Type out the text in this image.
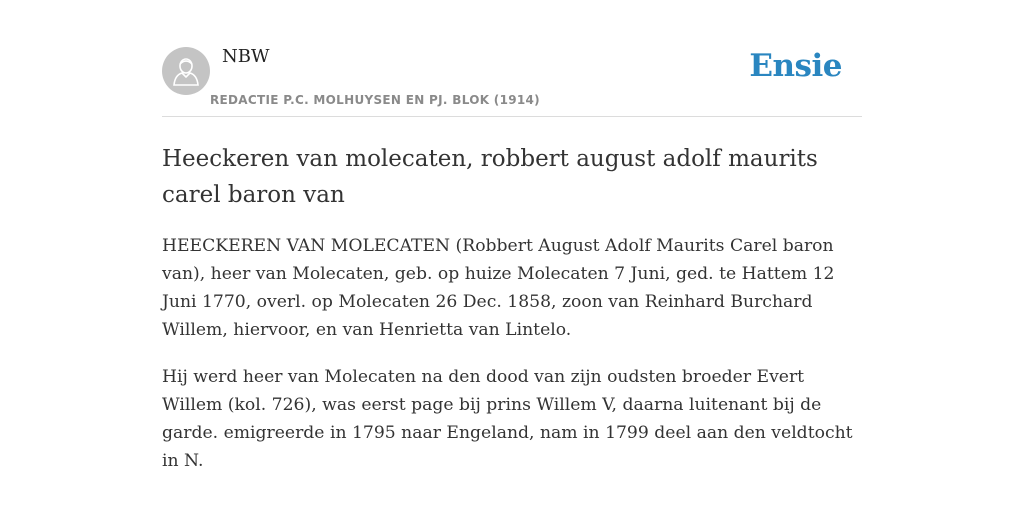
NBW
REDACTIE P.C. MOLHUYSEN EN PJ. BLOK (1914)
Ensie
Heeckeren van molecaten, robbert august adolf maurits carel baron van

HEECKEREN VAN MOLECATEN (Robbert August Adolf Maurits Carel baron van), heer van Molecaten, geb. op huize Molecaten 7 Juni, ged. te Hattem 12 Juni 1770, overl. op Molecaten 26 Dec. 1858, zoon van Reinhard Burchard Willem, hiervoor, en van Henrietta van Lintelo.

Hij werd heer van Molecaten na den dood van zijn oudsten broeder Evert Willem (kol. 726), was eerst page bij prins Willem V, daarna luitenant bij de garde. emigreerde in 1795 naar Engeland, nam in 1799 deel aan den veldtocht in N.
